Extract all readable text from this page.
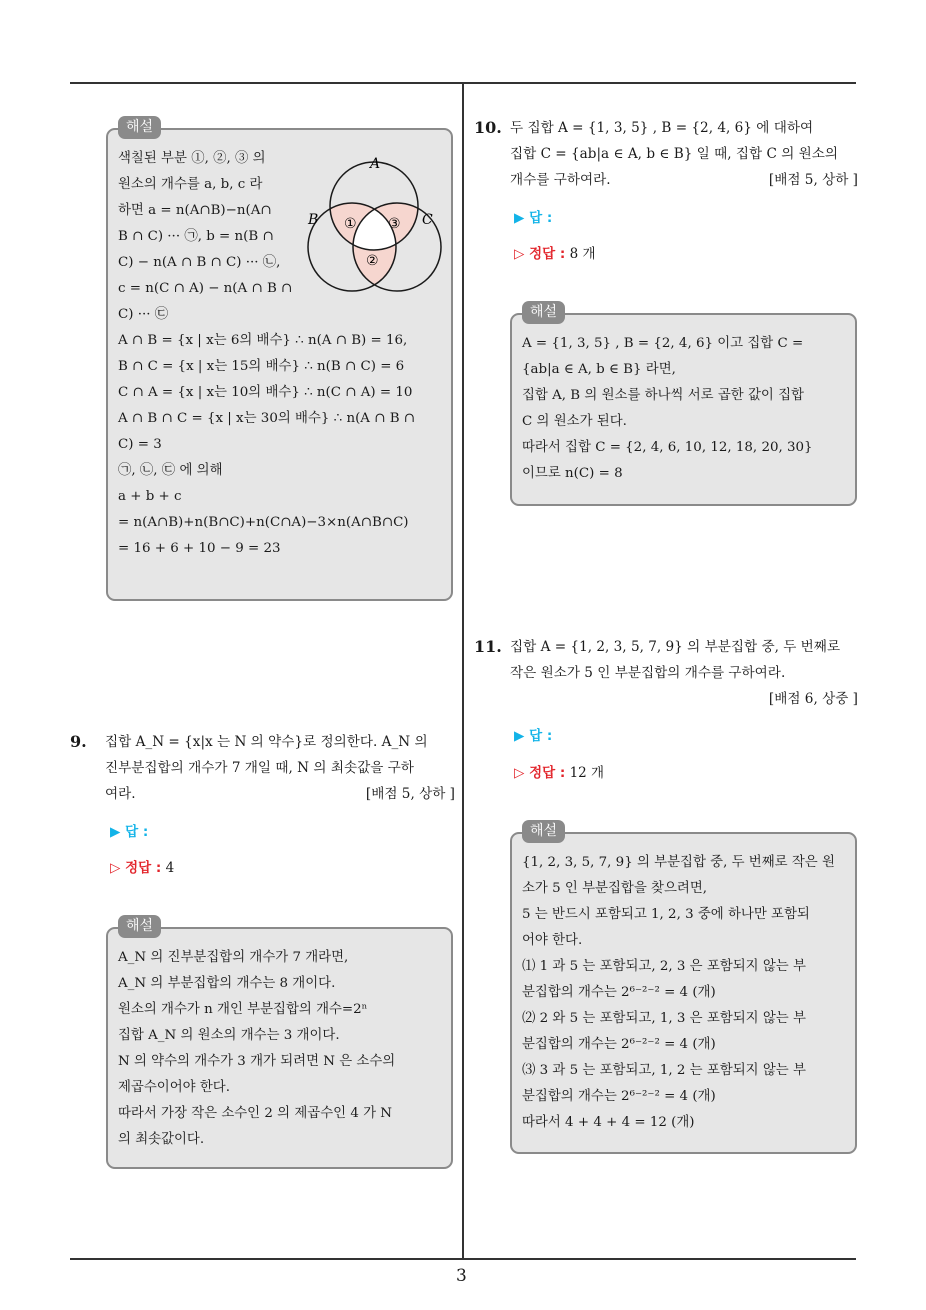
3

색칠된 부분 ①, ②, ③ 의

원소의 개수를 a, b, c 라

하면 a = n(A∩B)−n(A∩

B ∩ C) ··· ㉠, b = n(B ∩

C) − n(A ∩ B ∩ C) ··· ㉡,

c = n(C ∩ A) − n(A ∩ B ∩

C) ··· ㉢

A ∩ B = {x | x는 6의 배수} ∴ n(A ∩ B) = 16,

B ∩ C = {x | x는 15의 배수} ∴ n(B ∩ C) = 6

C ∩ A = {x | x는 10의 배수} ∴ n(C ∩ A) = 10

A ∩ B ∩ C = {x | x는 30의 배수} ∴ n(A ∩ B ∩

C) = 3

㉠, ㉡, ㉢ 에 의해

a + b + c

= n(A∩B)+n(B∩C)+n(C∩A)−3×n(A∩B∩C)

= 16 + 6 + 10 − 9 = 23

A
B	C
① ③
②
해설
9. 집합 A_N = {x|x 는 N 의 약수}로 정의한다. A_N 의

진부분집합의 개수가 7 개일 때, N 의 최솟값을 구하

여라.	[배점 5, 상하 ]
▶ 답 :
▷ 정답 : 4

A_N 의 진부분집합의 개수가 7 개라면,

A_N 의 부분집합의 개수는 8 개이다.

원소의 개수가 n 개인 부분집합의 개수=2ⁿ

집합 A_N 의 원소의 개수는 3 개이다.

N 의 약수의 개수가 3 개가 되려면 N 은 소수의

제곱수이어야 한다.

따라서 가장 작은 소수인 2 의 제곱수인 4 가 N

의 최솟값이다.

해설
10. 두 집합 A = {1, 3, 5} , B = {2, 4, 6} 에 대하여

집합 C = {ab|a ∈ A, b ∈ B} 일 때, 집합 C 의 원소의

개수를 구하여라.	[배점 5, 상하 ]
▶ 답 :
▷ 정답 : 8 개

A = {1, 3, 5} , B = {2, 4, 6} 이고 집합 C =

{ab|a ∈ A, b ∈ B} 라면,

집합 A, B 의 원소를 하나씩 서로 곱한 값이 집합

C 의 원소가 된다.

따라서 집합 C = {2, 4, 6, 10, 12, 18, 20, 30}

이므로 n(C) = 8

해설
11. 집합 A = {1, 2, 3, 5, 7, 9} 의 부분집합 중, 두 번째로

작은 원소가 5 인 부분집합의 개수를 구하여라.

[배점 6, 상중 ]
▶ 답 :
▷ 정답 : 12 개

{1, 2, 3, 5, 7, 9} 의 부분집합 중, 두 번째로 작은 원

소가 5 인 부분집합을 찾으려면,

5 는 반드시 포함되고 1, 2, 3 중에 하나만 포함되

어야 한다.

⑴ 1 과 5 는 포함되고, 2, 3 은 포함되지 않는 부

분집합의 개수는 2⁶⁻²⁻² = 4 (개)

⑵ 2 와 5 는 포함되고, 1, 3 은 포함되지 않는 부

분집합의 개수는 2⁶⁻²⁻² = 4 (개)

⑶ 3 과 5 는 포함되고, 1, 2 는 포함되지 않는 부

분집합의 개수는 2⁶⁻²⁻² = 4 (개)

따라서 4 + 4 + 4 = 12 (개)

해설
